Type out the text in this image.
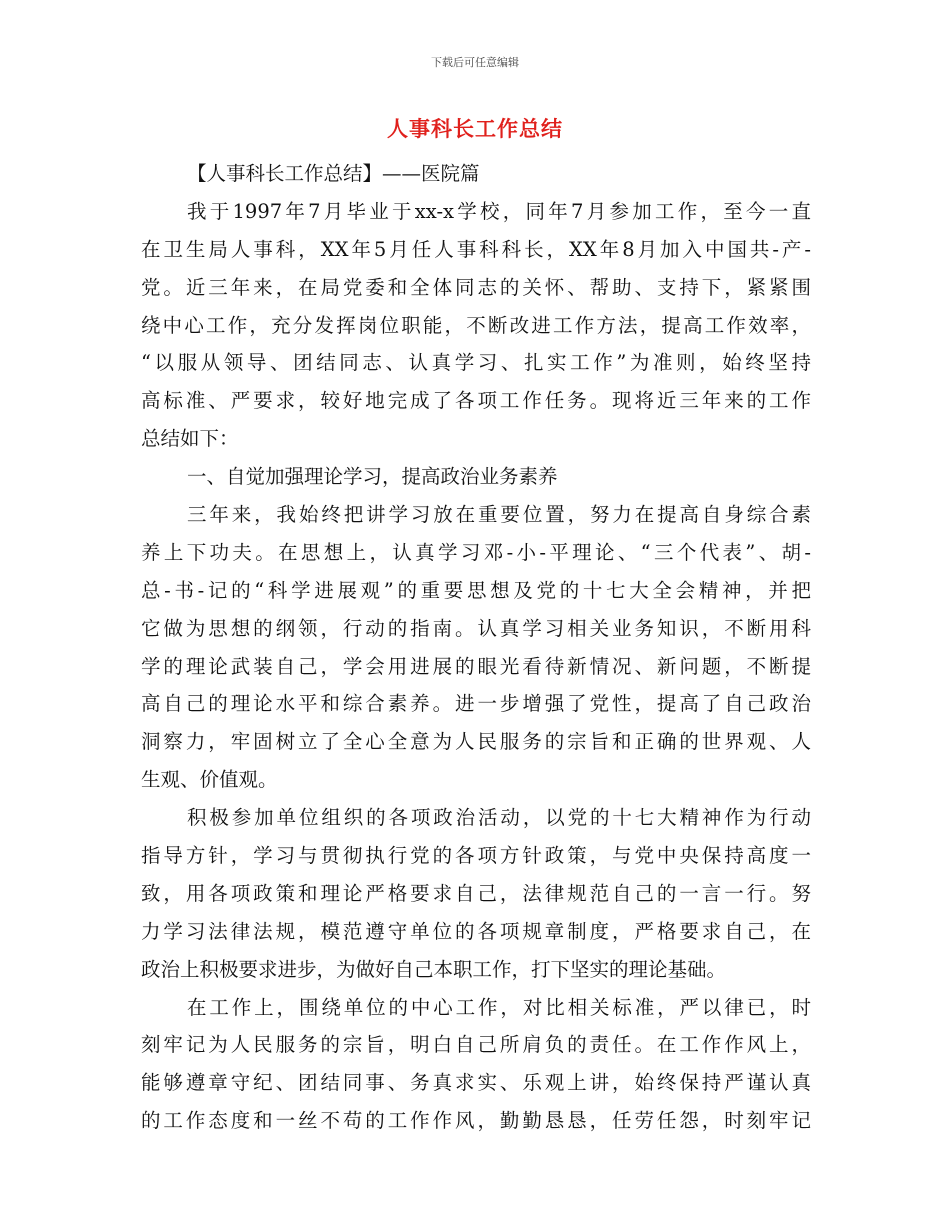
下载后可任意编辑
人事科长工作总结
【人事科长工作总结】——医院篇
我于1997年7月毕业于xx-x学校，同年7月参加工作，至今一直
在卫生局人事科，XX年5月任人事科科长，XX年8月加入中国共-产-
党。近三年来，在局党委和全体同志的关怀、帮助、支持下，紧紧围
绕中心工作，充分发挥岗位职能，不断改进工作方法，提高工作效率，
“以服从领导、团结同志、认真学习、扎实工作”为准则，始终坚持
高标准、严要求，较好地完成了各项工作任务。现将近三年来的工作
总结如下：
一、自觉加强理论学习，提高政治业务素养
三年来，我始终把讲学习放在重要位置，努力在提高自身综合素
养上下功夫。在思想上，认真学习邓-小-平理论、“三个代表”、胡-
总-书-记的“科学进展观”的重要思想及党的十七大全会精神，并把
它做为思想的纲领，行动的指南。认真学习相关业务知识，不断用科
学的理论武装自己，学会用进展的眼光看待新情况、新问题，不断提
高自己的理论水平和综合素养。进一步增强了党性，提高了自己政治
洞察力，牢固树立了全心全意为人民服务的宗旨和正确的世界观、人
生观、价值观。
积极参加单位组织的各项政治活动，以党的十七大精神作为行动
指导方针，学习与贯彻执行党的各项方针政策，与党中央保持高度一
致，用各项政策和理论严格要求自己，法律规范自己的一言一行。努
力学习法律法规，模范遵守单位的各项规章制度，严格要求自己，在
政治上积极要求进步，为做好自己本职工作，打下坚实的理论基础。
在工作上，围绕单位的中心工作，对比相关标准，严以律已，时
刻牢记为人民服务的宗旨，明白自己所肩负的责任。在工作作风上，
能够遵章守纪、团结同事、务真求实、乐观上讲，始终保持严谨认真
的工作态度和一丝不苟的工作作风，勤勤恳恳，任劳任怨，时刻牢记
